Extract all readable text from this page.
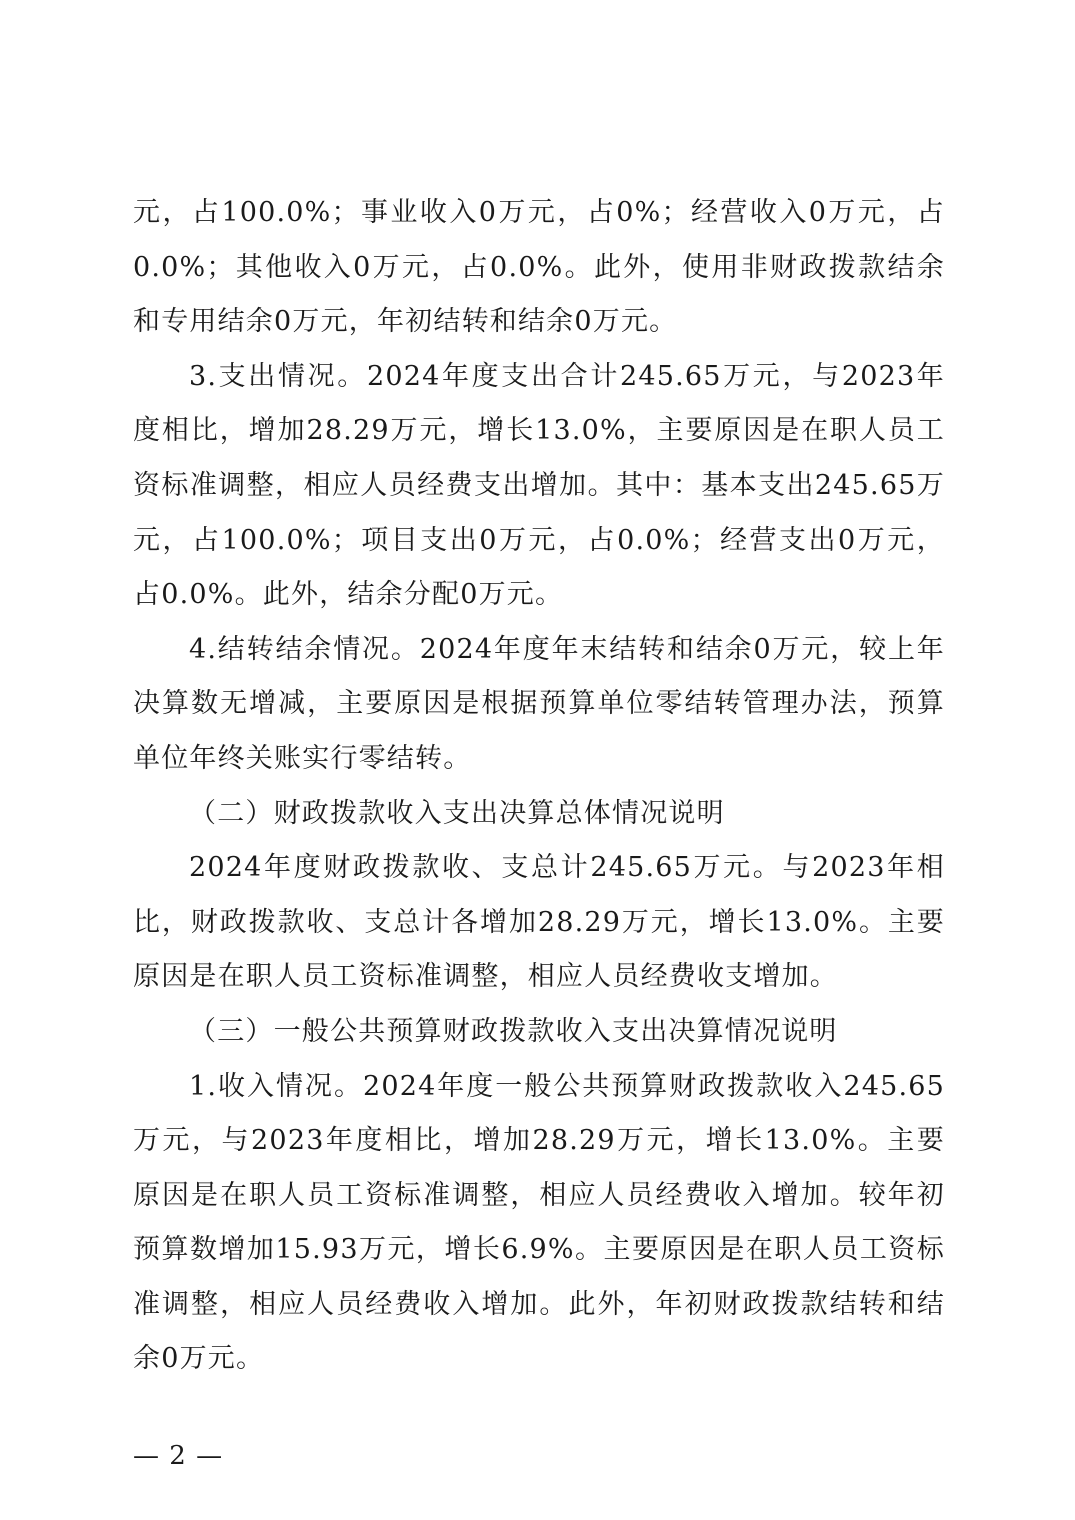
元，占100.0%；事业收入0万元，占0%；经营收入0万元，占0.0%；其他收入0万元，占0.0%。此外，使用非财政拨款结余和专用结余0万元，年初结转和结余0万元。

3.支出情况。2024年度支出合计245.65万元，与2023年度相比，增加28.29万元，增长13.0%，主要原因是在职人员工资标准调整，相应人员经费支出增加。其中：基本支出245.65万元，占100.0%；项目支出0万元，占0.0%；经营支出0万元，占0.0%。此外，结余分配0万元。

4.结转结余情况。2024年度年末结转和结余0万元，较上年决算数无增减，主要原因是根据预算单位零结转管理办法，预算单位年终关账实行零结转。

（二）财政拨款收入支出决算总体情况说明

2024年度财政拨款收、支总计245.65万元。与2023年相比，财政拨款收、支总计各增加28.29万元，增长13.0%。主要原因是在职人员工资标准调整，相应人员经费收支增加。

（三）一般公共预算财政拨款收入支出决算情况说明

1.收入情况。2024年度一般公共预算财政拨款收入245.65万元，与2023年度相比，增加28.29万元，增长13.0%。主要原因是在职人员工资标准调整，相应人员经费收入增加。较年初预算数增加15.93万元，增长6.9%。主要原因是在职人员工资标准调整，相应人员经费收入增加。此外，年初财政拨款结转和结余0万元。

— 2 —
